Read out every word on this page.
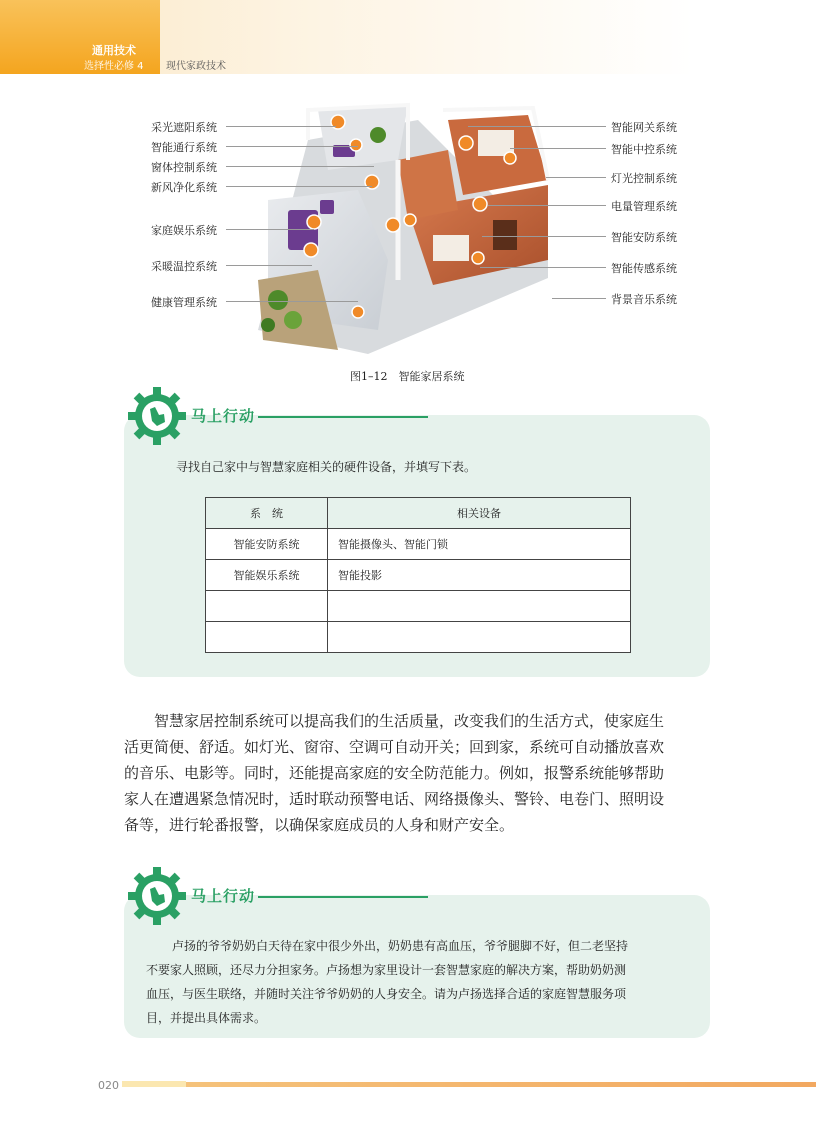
通用技术
选择性必修 4 现代家政技术
采光遮阳系统
智能通行系统
窗体控制系统
新风净化系统
家庭娱乐系统
采暖温控系统
健康管理系统
智能网关系统
智能中控系统
灯光控制系统
电量管理系统
智能安防系统
智能传感系统
背景音乐系统
图1–12　智能家居系统
马上行动
寻找自己家中与智慧家庭相关的硬件设备，并填写下表。
系　统	相关设备
智能安防系统	智能摄像头、智能门锁
智能娱乐系统	智能投影

智慧家居控制系统可以提高我们的生活质量，改变我们的生活方式，使家庭生
活更简便、舒适。如灯光、窗帘、空调可自动开关；回到家，系统可自动播放喜欢
的音乐、电影等。同时，还能提高家庭的安全防范能力。例如，报警系统能够帮助
家人在遭遇紧急情况时，适时联动预警电话、网络摄像头、警铃、电卷门、照明设
备等，进行轮番报警，以确保家庭成员的人身和财产安全。
马上行动
卢扬的爷爷奶奶白天待在家中很少外出，奶奶患有高血压，爷爷腿脚不好，但二老坚持
不要家人照顾，还尽力分担家务。卢扬想为家里设计一套智慧家庭的解决方案，帮助奶奶测
血压，与医生联络，并随时关注爷爷奶奶的人身安全。请为卢扬选择合适的家庭智慧服务项
目，并提出具体需求。
020
